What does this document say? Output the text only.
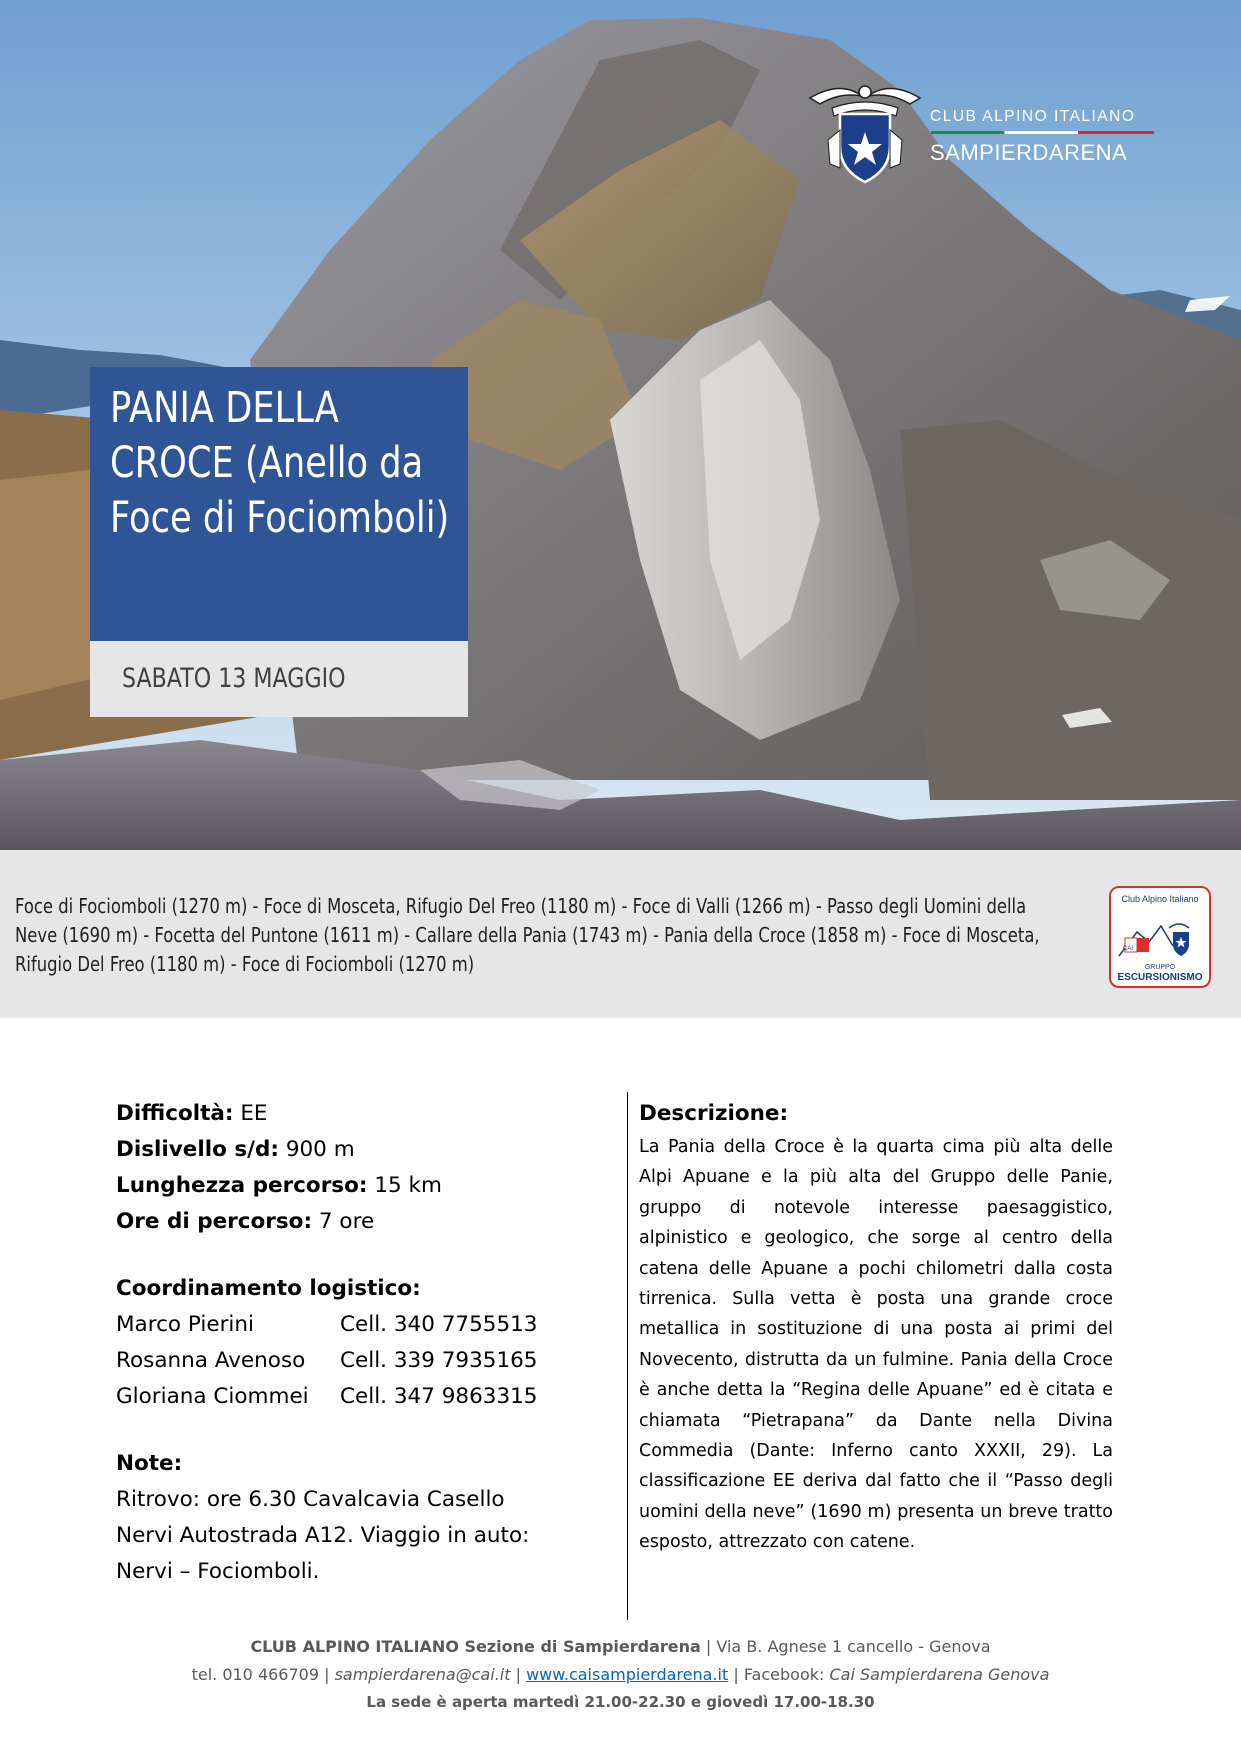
CLUB ALPINO ITALIANO
SAMPIERDARENA
PANIA DELLA CROCE (Anello da Foce di Fociomboli)
SABATO 13 MAGGIO

Foce di Fociomboli (1270 m) - Foce di Mosceta, Rifugio Del Freo (1180 m) - Foce di Valli (1266 m) - Passo degli Uomini della Neve (1690 m) - Focetta del Puntone (1611 m) - Callare della Pania (1743 m) - Pania della Croce (1858 m) - Foce di Mosceta, Rifugio Del Freo (1180 m) - Foce di Fociomboli (1270 m)

Club Alpino Italiano
CAI
GRUPPO
ESCURSIONISMO
Difficoltà: EE
Dislivello s/d: 900 m
Lunghezza percorso: 15 km
Ore di percorso: 7 ore
Coordinamento logistico:
Marco Pierini	Cell. 340 7755513
Rosanna Avenoso	Cell. 339 7935165
Gloriana Ciommei	Cell. 347 9863315
Note:
Ritrovo: ore 6.30 Cavalcavia Casello
Nervi Autostrada A12. Viaggio in auto:
Nervi – Fociomboli.
Descrizione:

La Pania della Croce è la quarta cima più alta delle Alpi Apuane e la più alta del Gruppo delle Panie, gruppo di notevole interesse paesaggistico, alpinistico e geologico, che sorge al centro della catena delle Apuane a pochi chilometri dalla costa tirrenica. Sulla vetta è posta una grande croce metallica in sostituzione di una posta ai primi del Novecento, distrutta da un fulmine. Pania della Croce è anche detta la “Regina delle Apuane” ed è citata e chiamata “Pietrapana” da Dante nella Divina Commedia (Dante: Inferno canto XXXII, 29). La classificazione EE deriva dal fatto che il “Passo degli uomini della neve” (1690 m) presenta un breve tratto esposto, attrezzato con catene.

CLUB ALPINO ITALIANO Sezione di Sampierdarena | Via B. Agnese 1 cancello - Genova
tel. 010 466709 | sampierdarena@cai.it | www.caisampierdarena.it | Facebook: Cai Sampierdarena Genova
La sede è aperta martedì 21.00-22.30 e giovedì 17.00-18.30
